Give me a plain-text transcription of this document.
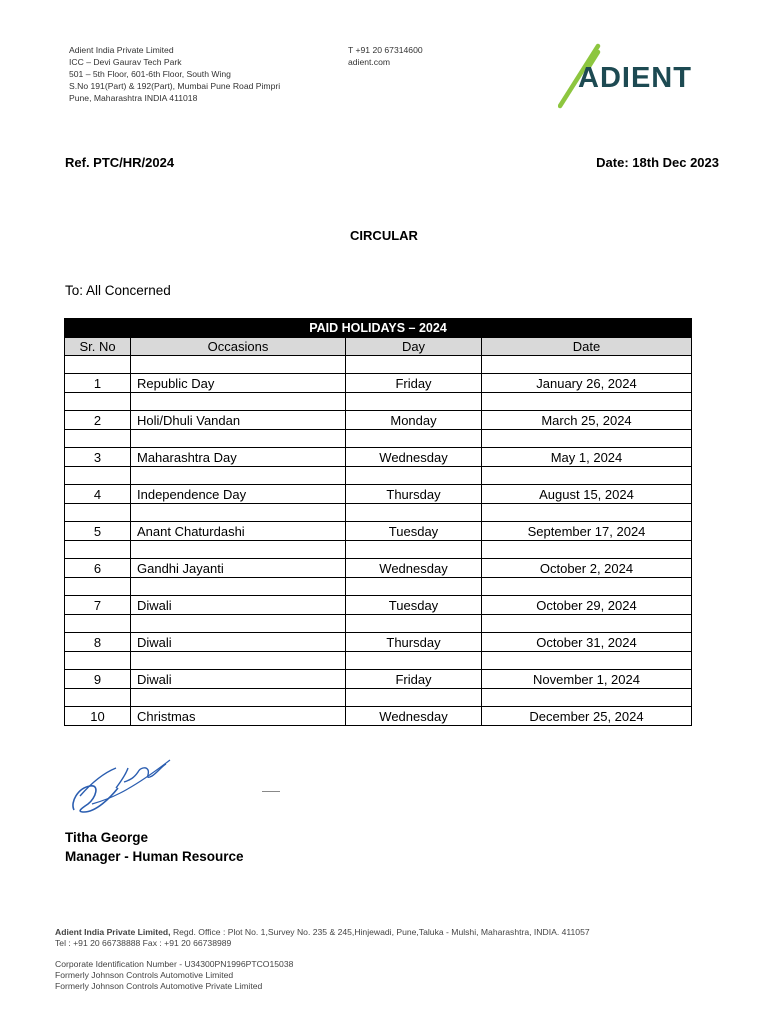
Adient India Private Limited
ICC – Devi Gaurav Tech Park
501 – 5th Floor, 601-6th Floor, South Wing
S.No 191(Part) & 192(Part), Mumbai Pune Road Pimpri
Pune, Maharashtra INDIA 411018
T +91 20 67314600
adient.com	ADIENT
Ref. PTC/HR/2024	Date: 18th Dec 2023
CIRCULAR
To: All Concerned
PAID HOLIDAYS – 2024			
Sr. No	Occasions	Day	Date

1	Republic Day	Friday	January 26, 2024

2	Holi/Dhuli Vandan	Monday	March 25, 2024

3	Maharashtra Day	Wednesday	May 1, 2024

4	Independence Day	Thursday	August 15, 2024

5	Anant Chaturdashi	Tuesday	September 17, 2024

6	Gandhi Jayanti	Wednesday	October 2, 2024

7	Diwali	Tuesday	October 29, 2024

8	Diwali	Thursday	October 31, 2024

9	Diwali	Friday	November 1, 2024

10	Christmas	Wednesday	December 25, 2024
Titha George
Manager - Human Resource
Adient India Private Limited, Regd. Office : Plot No. 1,Survey No. 235 & 245,Hinjewadi, Pune,Taluka - Mulshi, Maharashtra, INDIA. 411057
Tel : +91 20 66738888 Fax : +91 20 66738989
Corporate Identification Number - U34300PN1996PTCO15038
Formerly Johnson Controls Automotive Limited
Formerly Johnson Controls Automotive Private Limited
